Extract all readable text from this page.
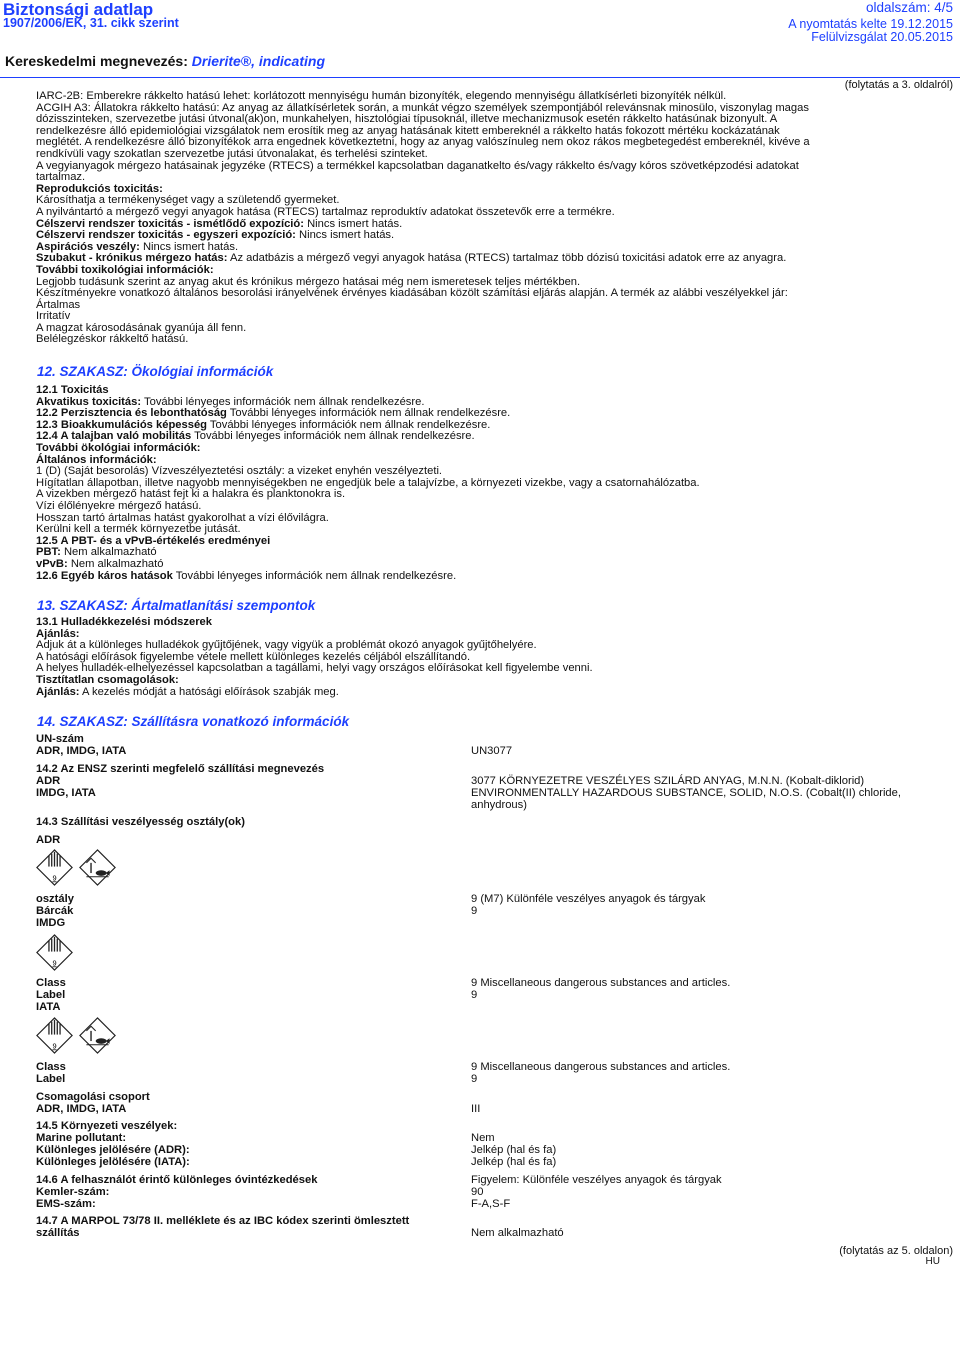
Biztonsági adatlap
1907/2006/EK, 31. cikk szerint
oldalszám: 4/5
A nyomtatás kelte 19.12.2015
Felülvizsgálat 20.05.2015
Kereskedelmi megnevezés: Drierite®, indicating
(folytatás a 3. oldalról)

IARC-2B: Emberekre rákkelto hatású lehet: korlátozott mennyiségu humán bizonyíték, elegendo mennyiségu állatkísérleti bizonyíték nélkül.

ACGIH A3: Állatokra rákkelto hatású: Az anyag az állatkísérletek során, a munkát végzo személyek szempontjából relevánsnak minosülo, viszonylag magas

dózisszinteken, szervezetbe jutási útvonal(ak)on, munkahelyen, hisztológiai típusoknál, illetve mechanizmusok esetén rákkelto hatásúnak bizonyult. A

rendelkezésre álló epidemiológiai vizsgálatok nem erosítik meg az anyag hatásának kitett embereknél a rákkelto hatás fokozott mértéku kockázatának

meglétét. A rendelkezésre álló bizonyítékok arra engednek következtetni, hogy az anyag valószínuleg nem okoz rákos megbetegedést embereknél, kivéve a

rendkívüli vagy szokatlan szervezetbe jutási útvonalakat, és terhelési szinteket.

A vegyianyagok mérgezo hatásainak jegyzéke (RTECS) a termékkel kapcsolatban daganatkelto és/vagy rákkelto és/vagy kóros szövetképzodési adatokat

tartalmaz.

Reprodukciós toxicitás:

Károsíthatja a termékenységet vagy a születendő gyermeket.

A nyilvántartó a mérgező vegyi anyagok hatása (RTECS) tartalmaz reproduktív adatokat összetevők erre a termékre.

Célszervi rendszer toxicitás - ismétlődő expozíció: Nincs ismert hatás.

Célszervi rendszer toxicitás - egyszeri expozíció: Nincs ismert hatás.

Aspirációs veszély: Nincs ismert hatás.

Szubakut - krónikus mérgezo hatás: Az adatbázis a mérgező vegyi anyagok hatása (RTECS) tartalmaz több dózisú toxicitási adatok erre az anyagra.

További toxikológiai információk:

Legjobb tudásunk szerint az anyag akut és krónikus mérgezo hatásai még nem ismeretesek teljes mértékben.

Készítményekre vonatkozó általános besorolási irányelvének érvényes kiadásában közölt számítási eljárás alapján. A termék az alábbi veszélyekkel jár:

Ártalmas

Irritatív

A magzat károsodásának gyanúja áll fenn.

Belélegzéskor rákkeltő hatású.

12. SZAKASZ: Ökológiai információk

12.1 Toxicitás

Akvatikus toxicitás: További lényeges információk nem állnak rendelkezésre.

12.2 Perzisztencia és lebonthatóság További lényeges információk nem állnak rendelkezésre.

12.3 Bioakkumulációs képesség További lényeges információk nem állnak rendelkezésre.

12.4 A talajban való mobilitás További lényeges információk nem állnak rendelkezésre.

További ökológiai információk:

Általános információk:

1 (D) (Saját besorolás) Vízveszélyeztetési osztály: a vizeket enyhén veszélyezteti.

Hígítatlan állapotban, illetve nagyobb mennyiségekben ne engedjük bele a talajvízbe, a környezeti vizekbe, vagy a csatornahálózatba.

A vizekben mérgező hatást fejt ki a halakra és planktonokra is.

Vízi élőlényekre mérgező hatású.

Hosszan tartó ártalmas hatást gyakorolhat a vízi élővilágra.

Kerülni kell a termék környezetbe jutását.

12.5 A PBT- és a vPvB-értékelés eredményei

PBT: Nem alkalmazható

vPvB: Nem alkalmazható

12.6 Egyéb káros hatások További lényeges információk nem állnak rendelkezésre.

13. SZAKASZ: Ártalmatlanítási szempontok

13.1 Hulladékkezelési módszerek

Ajánlás:

Adjuk át a különleges hulladékok gyűjtőjének, vagy vigyük a problémát okozó anyagok gyűjtőhelyére.

A hatósági előírások figyelembe vétele mellett különleges kezelés céljából elszállítandó.

A helyes hulladék-elhelyezéssel kapcsolatban a tagállami, helyi vagy országos előírásokat kell figyelembe venni.

Tisztítatlan csomagolások:

Ajánlás: A kezelés módját a hatósági előírások szabják meg.

14. SZAKASZ: Szállításra vonatkozó információk
UN-szám
ADR, IMDG, IATA	UN3077
14.2 Az ENSZ szerinti megfelelő szállítási megnevezés
ADR	3077 KÖRNYEZETRE VESZÉLYES SZILÁRD ANYAG, M.N.N. (Kobalt-diklorid)
IMDG, IATA	ENVIRONMENTALLY HAZARDOUS SUBSTANCE, SOLID, N.O.S. (Cobalt(II) chloride, anhydrous)
14.3 Szállítási veszélyesség osztály(ok)
ADR
9

osztály	9 (M7) Különféle veszélyes anyagok és tárgyak
Bárcák	9
IMDG
9
Class	9 Miscellaneous dangerous substances and articles.
Label	9
IATA
9

Class	9 Miscellaneous dangerous substances and articles.
Label	9
Csomagolási csoport
ADR, IMDG, IATA	III
14.5 Környezeti veszélyek:
Marine pollutant:	Nem
Különleges jelölésére (ADR):	Jelkép (hal és fa)
Különleges jelölésére (IATA):	Jelkép (hal és fa)
14.6 A felhasználót érintő különleges óvintézkedések	Figyelem: Különféle veszélyes anyagok és tárgyak
Kemler-szám:	90
EMS-szám:	F-A,S-F
14.7 A MARPOL 73/78 II. melléklete és az IBC kódex szerinti ömlesztett
szállítás	Nem alkalmazható
(folytatás az 5. oldalon)
HU
